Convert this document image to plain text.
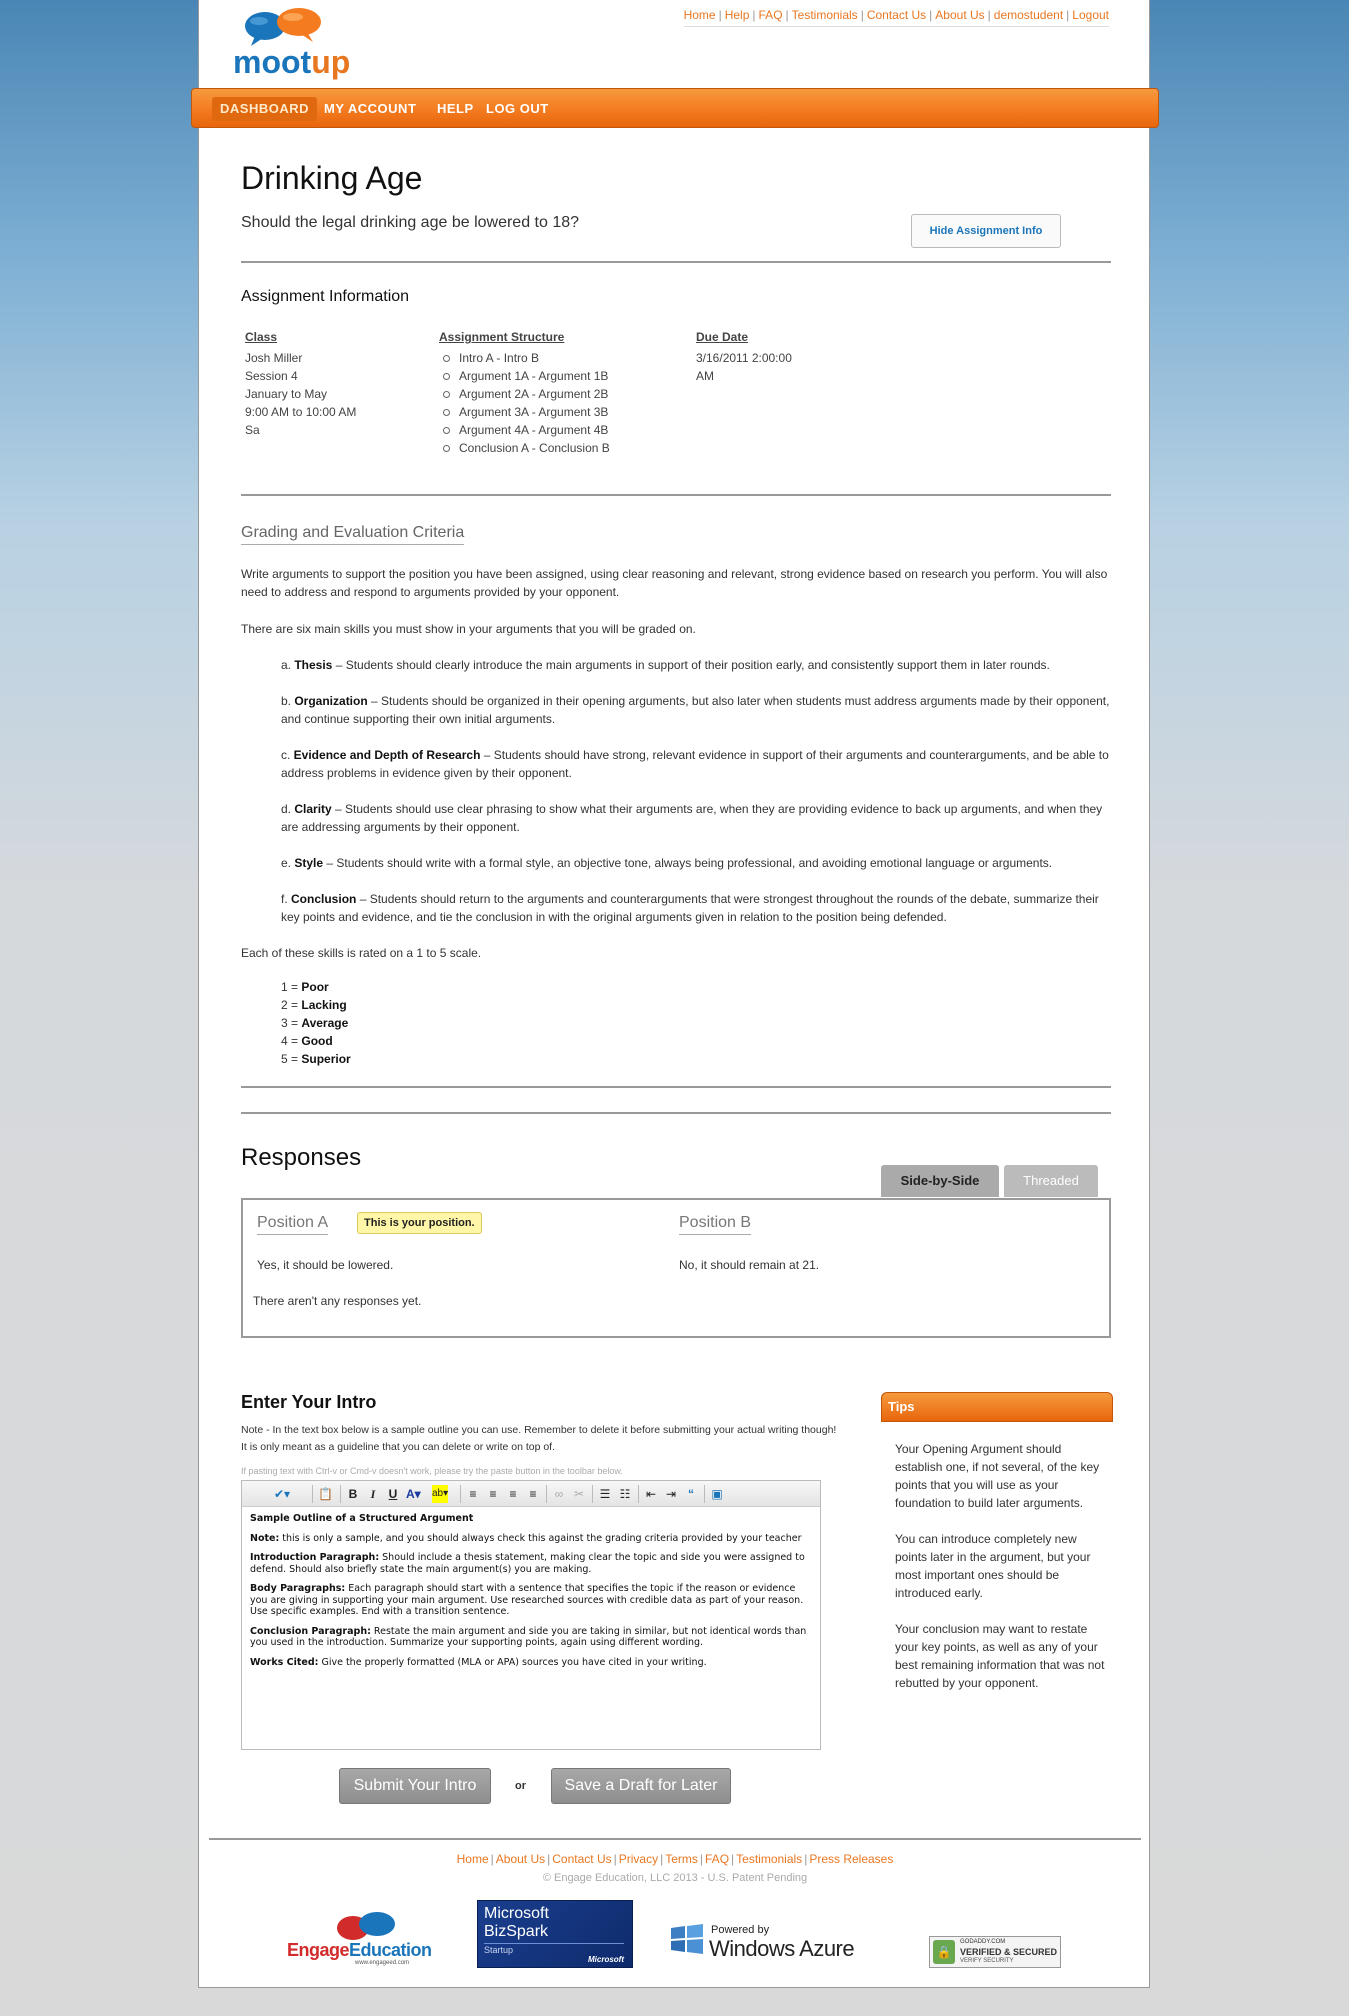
mootup
Home | Help | FAQ | Testimonials | Contact Us | About Us | demostudent | Logout
DASHBOARD	MY ACCOUNT	HELP LOG OUT
Drinking Age
Should the legal drinking age be lowered to 18?	Hide Assignment Info
Assignment Information
Class
Josh Miller
Session 4
January to May
9:00 AM to 10:00 AM
Sa
Assignment Structure
Intro A - Intro B
Argument 1A - Argument 1B
Argument 2A - Argument 2B
Argument 3A - Argument 3B
Argument 4A - Argument 4B
Conclusion A - Conclusion B
Due Date
3/16/2011 2:00:00
AM
Grading and Evaluation Criteria
Write arguments to support the position you have been assigned, using clear reasoning and relevant, strong evidence based on research you perform. You will also need to address and respond to arguments provided by your opponent.
There are six main skills you must show in your arguments that you will be graded on.
a. Thesis – Students should clearly introduce the main arguments in support of their position early, and consistently support them in later rounds.
b. Organization – Students should be organized in their opening arguments, but also later when students must address arguments made by their opponent, and continue supporting their own initial arguments.
c. Evidence and Depth of Research – Students should have strong, relevant evidence in support of their arguments and counterarguments, and be able to address problems in evidence given by their opponent.
d. Clarity – Students should use clear phrasing to show what their arguments are, when they are providing evidence to back up arguments, and when they are addressing arguments by their opponent.
e. Style – Students should write with a formal style, an objective tone, always being professional, and avoiding emotional language or arguments.
f. Conclusion – Students should return to the arguments and counterarguments that were strongest throughout the rounds of the debate, summarize their key points and evidence, and tie the conclusion in with the original arguments given in relation to the position being defended.
Each of these skills is rated on a 1 to 5 scale.
1 = Poor
2 = Lacking
3 = Average
4 = Good
5 = Superior
Responses
Side-by-Side	Threaded
Position A	This is your position.
Yes, it should be lowered.
Position B
No, it should remain at 21.
There aren't any responses yet.
Enter Your Intro
Note - In the text box below is a sample outline you can use. Remember to delete it before submitting your actual writing though! It is only meant as a guideline that you can delete or write on top of.
If pasting text with Ctrl-v or Cmd-v doesn't work, please try the paste button in the toolbar below.
✔▾ 📋 B	I	U A▾ ab▾ ≡ ≡ ≡ ≡ ∞ ✂ ☰ ☷ ⇤ ⇥ “	▣

Sample Outline of a Structured Argument

Note: this is only a sample, and you should always check this against the grading criteria provided by your teacher

Introduction Paragraph: Should include a thesis statement, making clear the topic and side you were assigned to defend. Should also briefly state the main argument(s) you are making.

Body Paragraphs: Each paragraph should start with a sentence that specifies the topic if the reason or evidence you are giving in supporting your main argument. Use researched sources with credible data as part of your reason. Use specific examples. End with a transition sentence.

Conclusion Paragraph: Restate the main argument and side you are taking in similar, but not identical words than you used in the introduction. Summarize your supporting points, again using different wording.

Works Cited: Give the properly formatted (MLA or APA) sources you have cited in your writing.

Tips

Your Opening Argument should establish one, if not several, of the key points that you will use as your foundation to build later arguments.

You can introduce completely new points later in the argument, but your most important ones should be introduced early.

Your conclusion may want to restate your key points, as well as any of your best remaining information that was not rebutted by your opponent.

Submit Your Intro	or	Save a Draft for Later
Home | About Us | Contact Us | Privacy | Terms | FAQ | Testimonials | Press Releases
© Engage Education, LLC 2013 - U.S. Patent Pending
EngageEducation
www.engageed.com
Microsoft
BizSpark
Startup
Microsoft
Powered by
Windows Azure	🔒
GODADDY.COM
VERIFIED & SECURED
VERIFY SECURITY
